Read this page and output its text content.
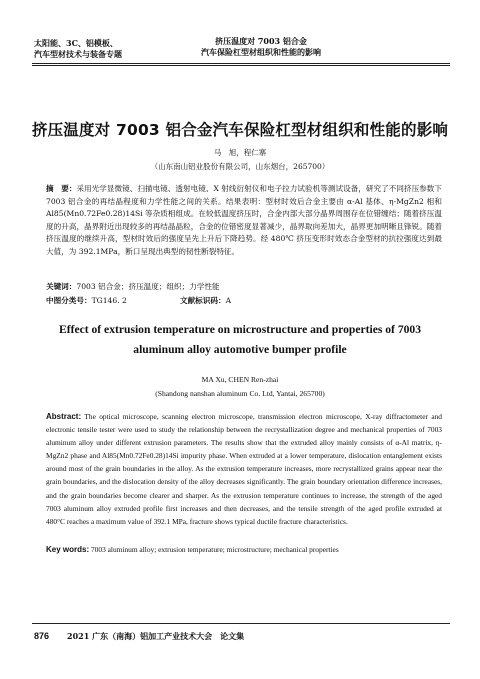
太阳能、3C、铝模板、
汽车型材技术与装备专题
挤压温度对 7003 铝合金
汽车保险杠型材组织和性能的影响
挤压温度对 7003 铝合金汽车保险杠型材组织和性能的影响
马　旭，程仁寨
（山东南山铝业股份有限公司，山东烟台，265700）
摘　要：采用光学显微镜、扫描电镜、透射电镜、X 射线衍射仪和电子拉力试验机等测试设备，研究了不同挤压参数下 7003 铝合金的再结晶程度和力学性能之间的关系。结果表明：型材时效后合金主要由 α-Al 基体、η-MgZn2 相和 Al85(Mn0.72Fe0.28)14Si 等杂质相组成。在较低温度挤压时，合金内部大部分晶界周围存在位错缠结；随着挤压温度的升高，晶界附近出现较多的再结晶晶粒，合金的位错密度显著减少，晶界取向差加大，晶界更加明晰且锋锐。随着挤压温度的继续升高，型材时效后的强度呈先上升后下降趋势。经 480℃ 挤压变形时效态合金型材的抗拉强度达到最大值，为 392.1MPa，断口呈现出典型的韧性断裂特征。
关键词：7003 铝合金；挤压温度；组织；力学性能
中图分类号：TG146. 2	文献标识码：A
Effect of extrusion temperature on microstructure and properties of 7003 aluminum alloy automotive bumper profile
MA Xu, CHEN Ren-zhai
(Shandong nanshan aluminum Co. Ltd, Yantai, 265700)
Abstract: The optical microscope, scanning electron microscope, transmission electron microscope, X-ray diffractometer and electronic tensile tester were used to study the relationship between the recrystallization degree and mechanical properties of 7003 aluminum alloy under different extrusion parameters. The results show that the extruded alloy mainly consists of α-Al matrix, η-MgZn2 phase and Al85(Mn0.72Fe0.28)14Si impurity phase. When extruded at a lower temperature, dislocation entanglement exists around most of the grain boundaries in the alloy. As the extrusion temperature increases, more recrystallized grains appear near the grain boundaries, and the dislocation density of the alloy decreases significantly. The grain boundary orientation difference increases, and the grain boundaries become clearer and sharper. As the extrusion temperature continues to increase, the strength of the aged 7003 aluminum alloy extruded profile first increases and then decreases, and the tensile strength of the aged profile extruded at 480°C reaches a maximum value of 392.1 MPa, fracture shows typical ductile fracture characteristics.
Key words: 7003 aluminum alloy; extrusion temperature; microstructure; mechanical properties
876 2021 广东（南海）铝加工产业技术大会　论文集
